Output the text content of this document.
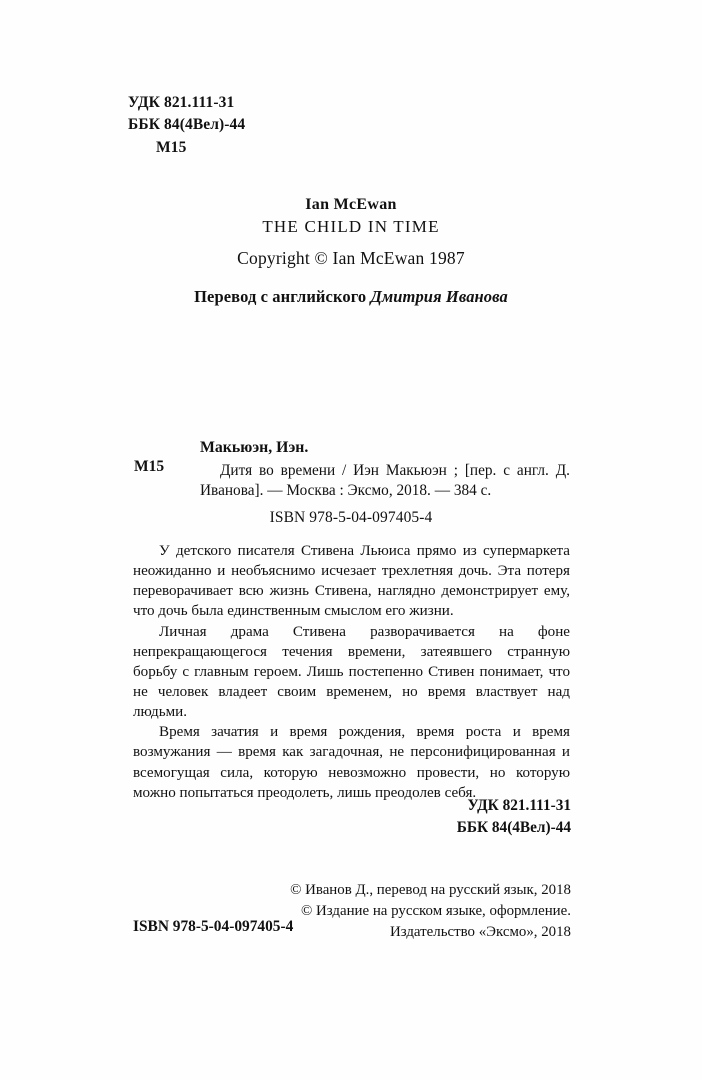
УДК 821.111-31
ББК 84(4Вел)-44
М15
Ian McEwan
THE CHILD IN TIME
Copyright © Ian McEwan 1987
Перевод с английского Дмитрия Иванова
М15
Макьюэн, Иэн.
Дитя во времени / Иэн Макьюэн ; [пер. с англ. Д. Иванова]. — Москва : Эксмо, 2018. — 384 с.
ISBN 978-5-04-097405-4

У детского писателя Стивена Льюиса прямо из супермаркета неожиданно и необъяснимо исчезает трехлетняя дочь. Эта потеря переворачивает всю жизнь Стивена, наглядно демонстрирует ему, что дочь была единственным смыслом его жизни.

Личная драма Стивена разворачивается на фоне непрекращающегося течения времени, затеявшего странную борьбу с главным героем. Лишь постепенно Стивен понимает, что не человек владеет своим временем, но время властвует над людьми.

Время зачатия и время рождения, время роста и время возмужания — время как загадочная, не персонифицированная и всемогущая сила, которую невозможно провести, но которую можно попытаться преодолеть, лишь преодолев себя.

УДК 821.111-31
ББК 84(4Вел)-44
© Иванов Д., перевод на русский язык, 2018
© Издание на русском языке, оформление.
Издательство «Эксмо», 2018
ISBN 978-5-04-097405-4
